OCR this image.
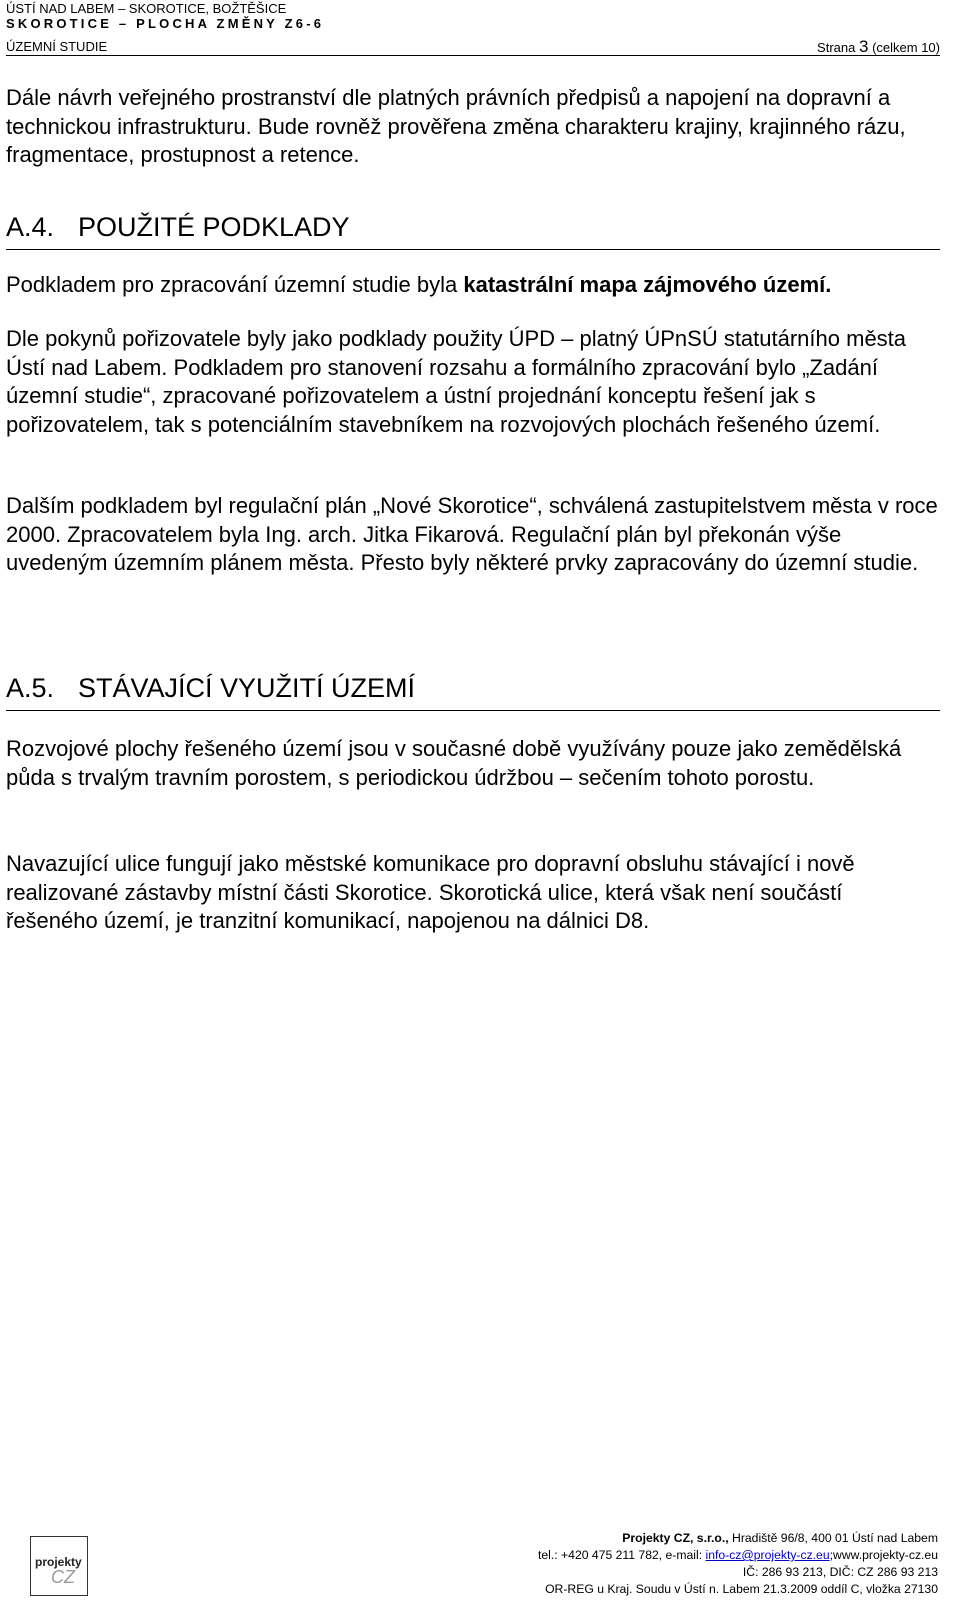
ÚSTÍ NAD LABEM – SKOROTICE, BOŽTĚŠICE
SKOROTICE – PLOCHA ZMĚNY Z6-6
ÚZEMNÍ STUDIE	Strana 3 (celkem 10)

Dále návrh veřejného prostranství dle platných právních předpisů a napojení na dopravní a technickou infrastrukturu. Bude rovněž prověřena změna charakteru krajiny, krajinného rázu, fragmentace, prostupnost a retence.

A.4. POUŽITÉ PODKLADY

Podkladem pro zpracování územní studie byla katastrální mapa zájmového území.

Dle pokynů pořizovatele byly jako podklady použity ÚPD – platný ÚPnSÚ statutárního města Ústí nad Labem. Podkladem pro stanovení rozsahu a formálního zpracování bylo „Zadání územní studie“, zpracované pořizovatelem a ústní projednání konceptu řešení jak s pořizovatelem, tak s potenciálním stavebníkem na rozvojových plochách řešeného území.

Dalším podkladem byl regulační plán „Nové Skorotice“, schválená zastupitelstvem města v roce 2000. Zpracovatelem byla Ing. arch. Jitka Fikarová. Regulační plán byl překonán výše uvedeným územním plánem města. Přesto byly některé prvky zapracovány do územní studie.

A.5. STÁVAJÍCÍ VYUŽITÍ ÚZEMÍ

Rozvojové plochy řešeného území jsou v současné době využívány pouze jako zemědělská půda s trvalým travním porostem, s periodickou údržbou – sečením tohoto porostu.

Navazující ulice fungují jako městské komunikace pro dopravní obsluhu stávající i nově realizované zástavby místní části Skorotice. Skorotická ulice, která však není součástí řešeného území, je tranzitní komunikací, napojenou na dálnici D8.

projekty
CZ
Projekty CZ, s.r.o., Hradiště 96/8, 400 01 Ústí nad Labem
tel.: +420 475 211 782, e-mail: info-cz@projekty-cz.eu;www.projekty-cz.eu
IČ: 286 93 213, DIČ: CZ 286 93 213
OR-REG u Kraj. Soudu v Ústí n. Labem 21.3.2009 oddíl C, vložka 27130
